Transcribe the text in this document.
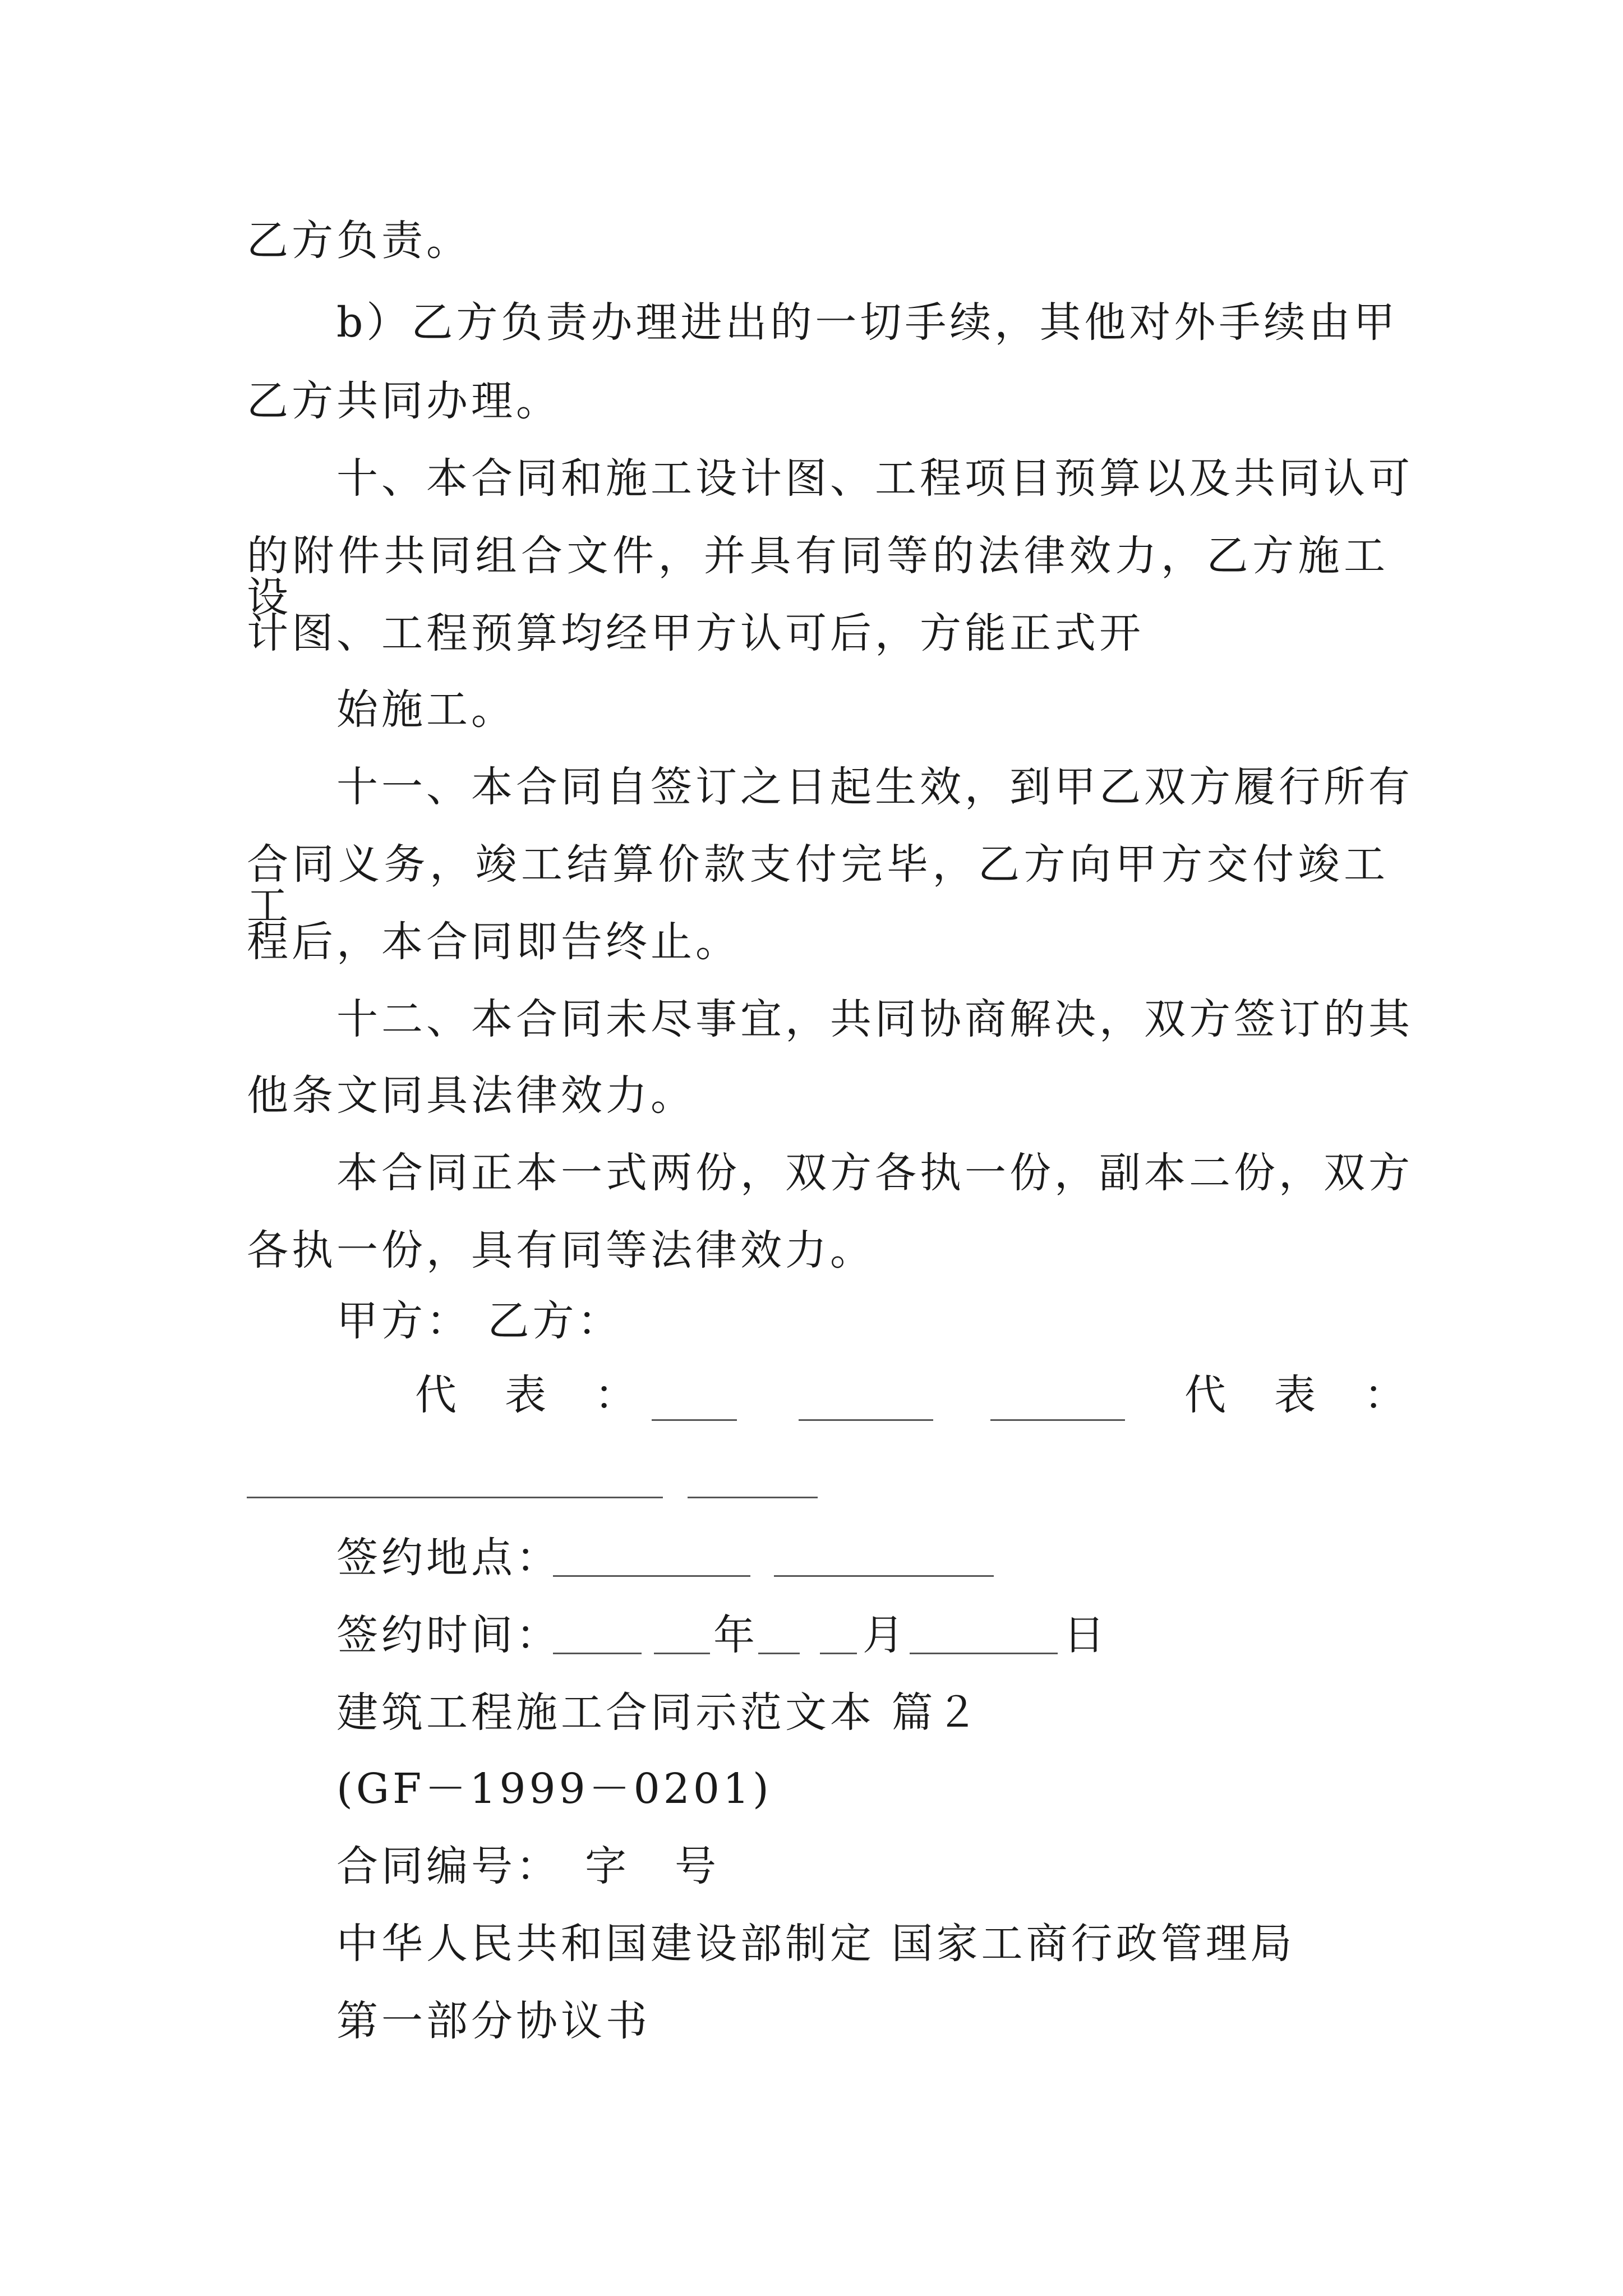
乙方负责。
b）乙方负责办理进出的一切手续，其他对外手续由甲
乙方共同办理。
十、本合同和施工设计图、工程项目预算以及共同认可
的附件共同组合文件，并具有同等的法律效力，乙方施工设
计图、工程预算均经甲方认可后，方能正式开
始施工。
十一、本合同自签订之日起生效，到甲乙双方履行所有
合同义务，竣工结算价款支付完毕，乙方向甲方交付竣工工
程后，本合同即告终止。
十二、本合同未尽事宜，共同协商解决，双方签订的其
他条文同具法律效力。
本合同正本一式两份，双方各执一份，副本二份，双方
各执一份，具有同等法律效力。
甲方： 乙方：
代　表　：	代　表　：
签约地点：
签约时间：	年	月	日
建筑工程施工合同示范文本 篇２
(GF－1999－0201)
合同编号：　字　号
中华人民共和国建设部制定 国家工商行政管理局
第一部分协议书
